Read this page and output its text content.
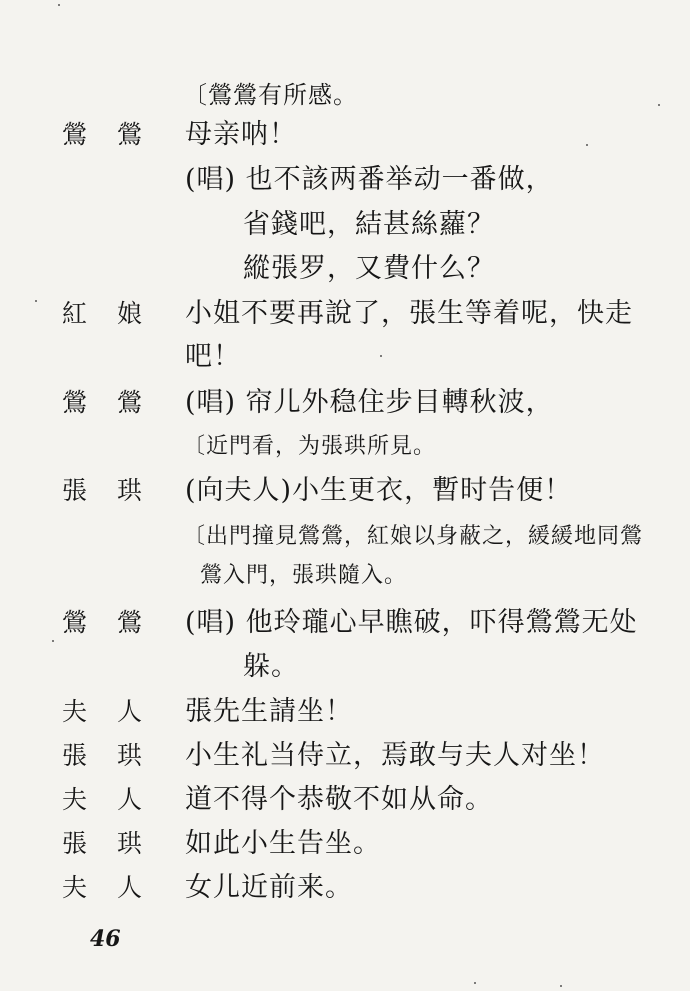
〔鶯鶯有所感。
鶯 鶯 母亲呐！
(唱) 也不該两番举动一番做，
省錢吧，結甚絲蘿？
縱張罗，又費什么？
紅 娘 小姐不要再說了，張生等着呢，快走
吧！
鶯 鶯 (唱) 帘儿外稳住步目轉秋波，
〔近門看，为張珙所見。
張 珙 (向夫人)小生更衣，暫时告便！
〔出門撞見鶯鶯，紅娘以身蔽之，緩緩地同鶯
鶯入門，張珙隨入。
鶯 鶯 (唱) 他玲瓏心早瞧破，吓得鶯鶯无处
躲。
夫 人 張先生請坐！
張 珙 小生礼当侍立，焉敢与夫人对坐！
夫 人 道不得个恭敬不如从命。
張 珙 如此小生告坐。
夫 人 女儿近前来。
46
